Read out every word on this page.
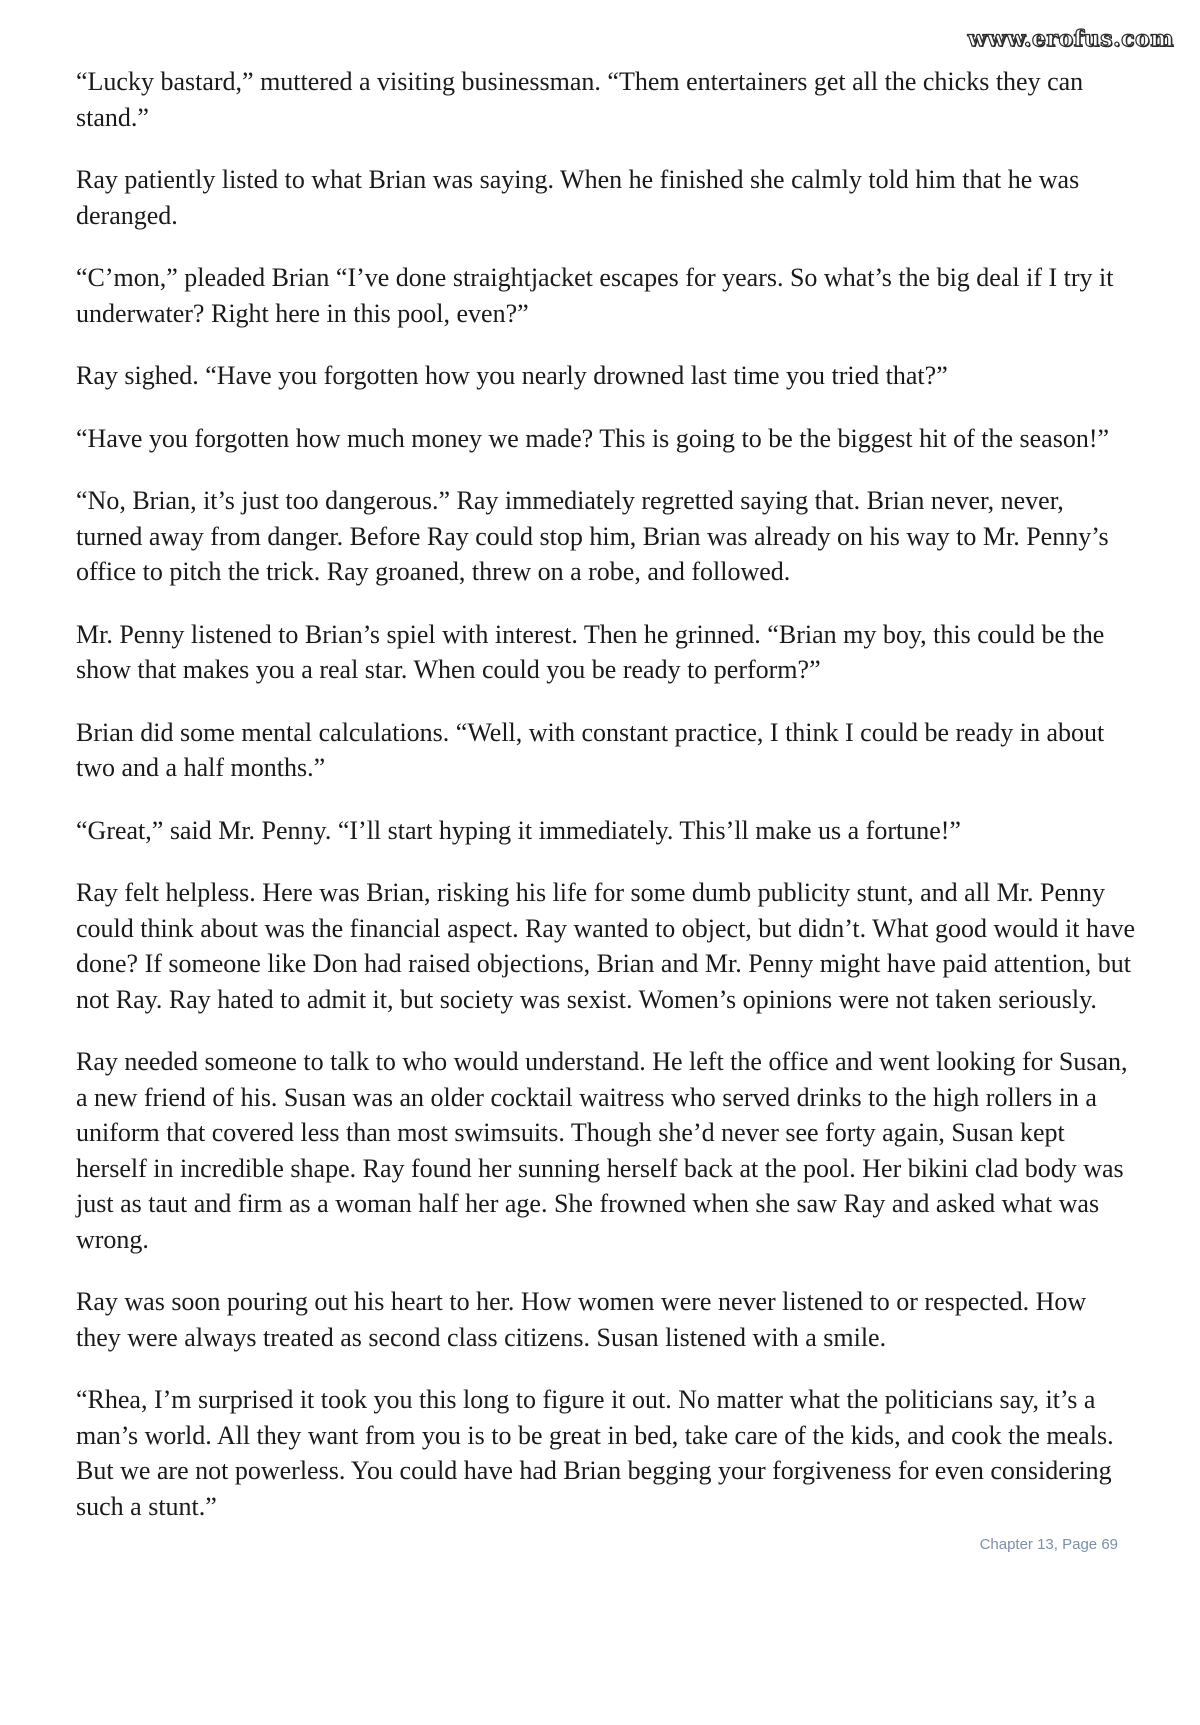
www.erofus.com

“Lucky bastard,” muttered a visiting businessman. “Them entertainers get all the chicks they can stand.”

Ray patiently listed to what Brian was saying. When he finished she calmly told him that he was deranged.

“C’mon,” pleaded Brian “I’ve done straightjacket escapes for years. So what’s the big deal if I try it underwater? Right here in this pool, even?”

Ray sighed. “Have you forgotten how you nearly drowned last time you tried that?”

“Have you forgotten how much money we made? This is going to be the biggest hit of the season!”

“No, Brian, it’s just too dangerous.” Ray immediately regretted saying that. Brian never, never, turned away from danger. Before Ray could stop him, Brian was already on his way to Mr. Penny’s office to pitch the trick. Ray groaned, threw on a robe, and followed.

Mr. Penny listened to Brian’s spiel with interest. Then he grinned. “Brian my boy, this could be the show that makes you a real star. When could you be ready to perform?”

Brian did some mental calculations. “Well, with constant practice, I think I could be ready in about two and a half months.”

“Great,” said Mr. Penny. “I’ll start hyping it immediately. This’ll make us a fortune!”

Ray felt helpless. Here was Brian, risking his life for some dumb publicity stunt, and all Mr. Penny could think about was the financial aspect. Ray wanted to object, but didn’t. What good would it have done? If someone like Don had raised objections, Brian and Mr. Penny might have paid attention, but not Ray. Ray hated to admit it, but society was sexist. Women’s opinions were not taken seriously.

Ray needed someone to talk to who would understand. He left the office and went looking for Susan, a new friend of his. Susan was an older cocktail waitress who served drinks to the high rollers in a uniform that covered less than most swimsuits. Though she’d never see forty again, Susan kept herself in incredible shape. Ray found her sunning herself back at the pool. Her bikini clad body was just as taut and firm as a woman half her age. She frowned when she saw Ray and asked what was wrong.

Ray was soon pouring out his heart to her. How women were never listened to or respected. How they were always treated as second class citizens. Susan listened with a smile.

“Rhea, I’m surprised it took you this long to figure it out. No matter what the politicians say, it’s a man’s world. All they want from you is to be great in bed, take care of the kids, and cook the meals. But we are not powerless. You could have had Brian begging your forgiveness for even considering such a stunt.”

Chapter 13, Page 69
